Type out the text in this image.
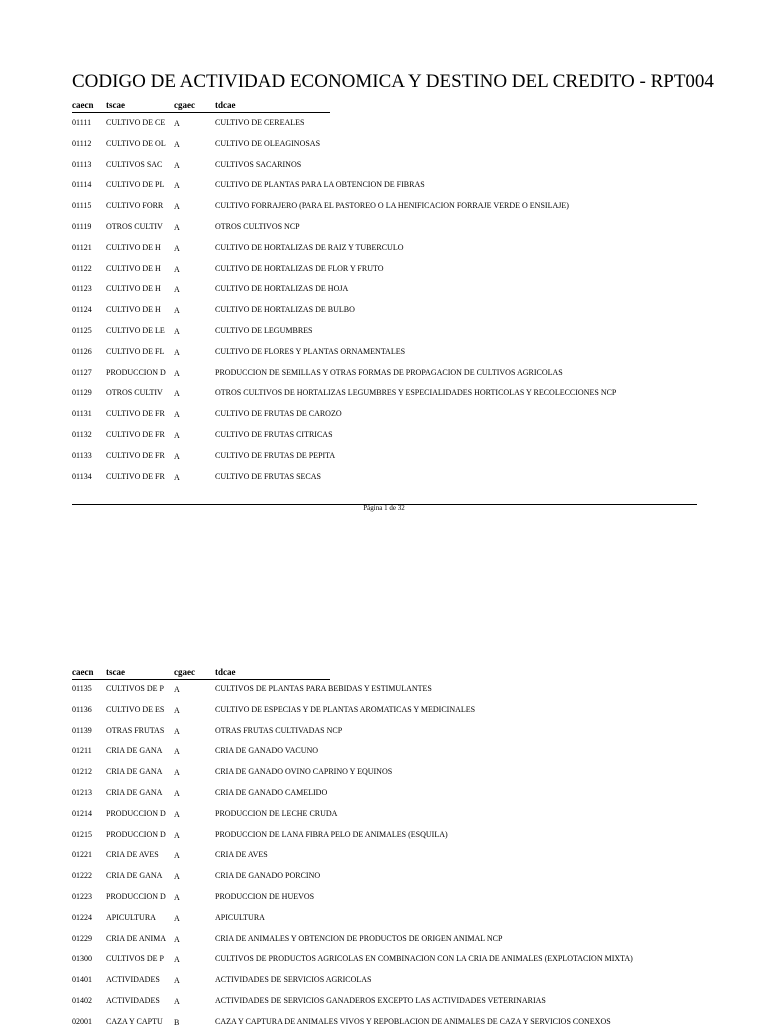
CODIGO DE ACTIVIDAD ECONOMICA Y DESTINO DEL CREDITO - RPT004
caecn tscae	cgaec tdcae
01111 CULTIVO DE CE A	CULTIVO DE CEREALES
01112 CULTIVO DE OL A	CULTIVO DE OLEAGINOSAS
01113 CULTIVOS SAC A	CULTIVOS SACARINOS
01114 CULTIVO DE PL A	CULTIVO DE PLANTAS PARA LA OBTENCION DE FIBRAS
01115 CULTIVO FORR A	CULTIVO FORRAJERO (PARA EL PASTOREO O LA HENIFICACION FORRAJE VERDE O ENSILAJE)
01119 OTROS CULTIV A	OTROS CULTIVOS NCP
01121 CULTIVO DE H A	CULTIVO DE HORTALIZAS DE RAIZ Y TUBERCULO
01122 CULTIVO DE H A	CULTIVO DE HORTALIZAS DE FLOR Y FRUTO
01123 CULTIVO DE H A	CULTIVO DE HORTALIZAS DE HOJA
01124 CULTIVO DE H A	CULTIVO DE HORTALIZAS DE BULBO
01125 CULTIVO DE LE A	CULTIVO DE LEGUMBRES
01126 CULTIVO DE FL A	CULTIVO DE FLORES Y PLANTAS ORNAMENTALES
01127 PRODUCCION D A	PRODUCCION DE SEMILLAS Y OTRAS FORMAS DE PROPAGACION DE CULTIVOS AGRICOLAS
01129 OTROS CULTIV A	OTROS CULTIVOS DE HORTALIZAS LEGUMBRES Y ESPECIALIDADES HORTICOLAS Y RECOLECCIONES NCP
01131 CULTIVO DE FR A	CULTIVO DE FRUTAS DE CAROZO
01132 CULTIVO DE FR A	CULTIVO DE FRUTAS CITRICAS
01133 CULTIVO DE FR A	CULTIVO DE FRUTAS DE PEPITA
01134 CULTIVO DE FR A	CULTIVO DE FRUTAS SECAS
Página 1 de 32
caecn tscae	cgaec tdcae
01135 CULTIVOS DE P A	CULTIVOS DE PLANTAS PARA BEBIDAS Y ESTIMULANTES
01136 CULTIVO DE ES A	CULTIVO DE ESPECIAS Y DE PLANTAS AROMATICAS Y MEDICINALES
01139 OTRAS FRUTAS A	OTRAS FRUTAS CULTIVADAS NCP
01211 CRIA DE GANA A	CRIA DE GANADO VACUNO
01212 CRIA DE GANA A	CRIA DE GANADO OVINO CAPRINO Y EQUINOS
01213 CRIA DE GANA A	CRIA DE GANADO CAMELIDO
01214 PRODUCCION D A	PRODUCCION DE LECHE CRUDA
01215 PRODUCCION D A	PRODUCCION DE LANA FIBRA PELO DE ANIMALES (ESQUILA)
01221 CRIA DE AVES A	CRIA DE AVES
01222 CRIA DE GANA A	CRIA DE GANADO PORCINO
01223 PRODUCCION D A	PRODUCCION DE HUEVOS
01224 APICULTURA A	APICULTURA
01229 CRIA DE ANIMA A	CRIA DE ANIMALES Y OBTENCION DE PRODUCTOS DE ORIGEN ANIMAL NCP
01300 CULTIVOS DE P A	CULTIVOS DE PRODUCTOS AGRICOLAS EN COMBINACION CON LA CRIA DE ANIMALES (EXPLOTACION MIXTA)
01401 ACTIVIDADES A	ACTIVIDADES DE SERVICIOS AGRICOLAS
01402 ACTIVIDADES A	ACTIVIDADES DE SERVICIOS GANADEROS EXCEPTO LAS ACTIVIDADES VETERINARIAS
02001 CAZA Y CAPTU B	CAZA Y CAPTURA DE ANIMALES VIVOS Y REPOBLACION DE ANIMALES DE CAZA Y SERVICIOS CONEXOS
